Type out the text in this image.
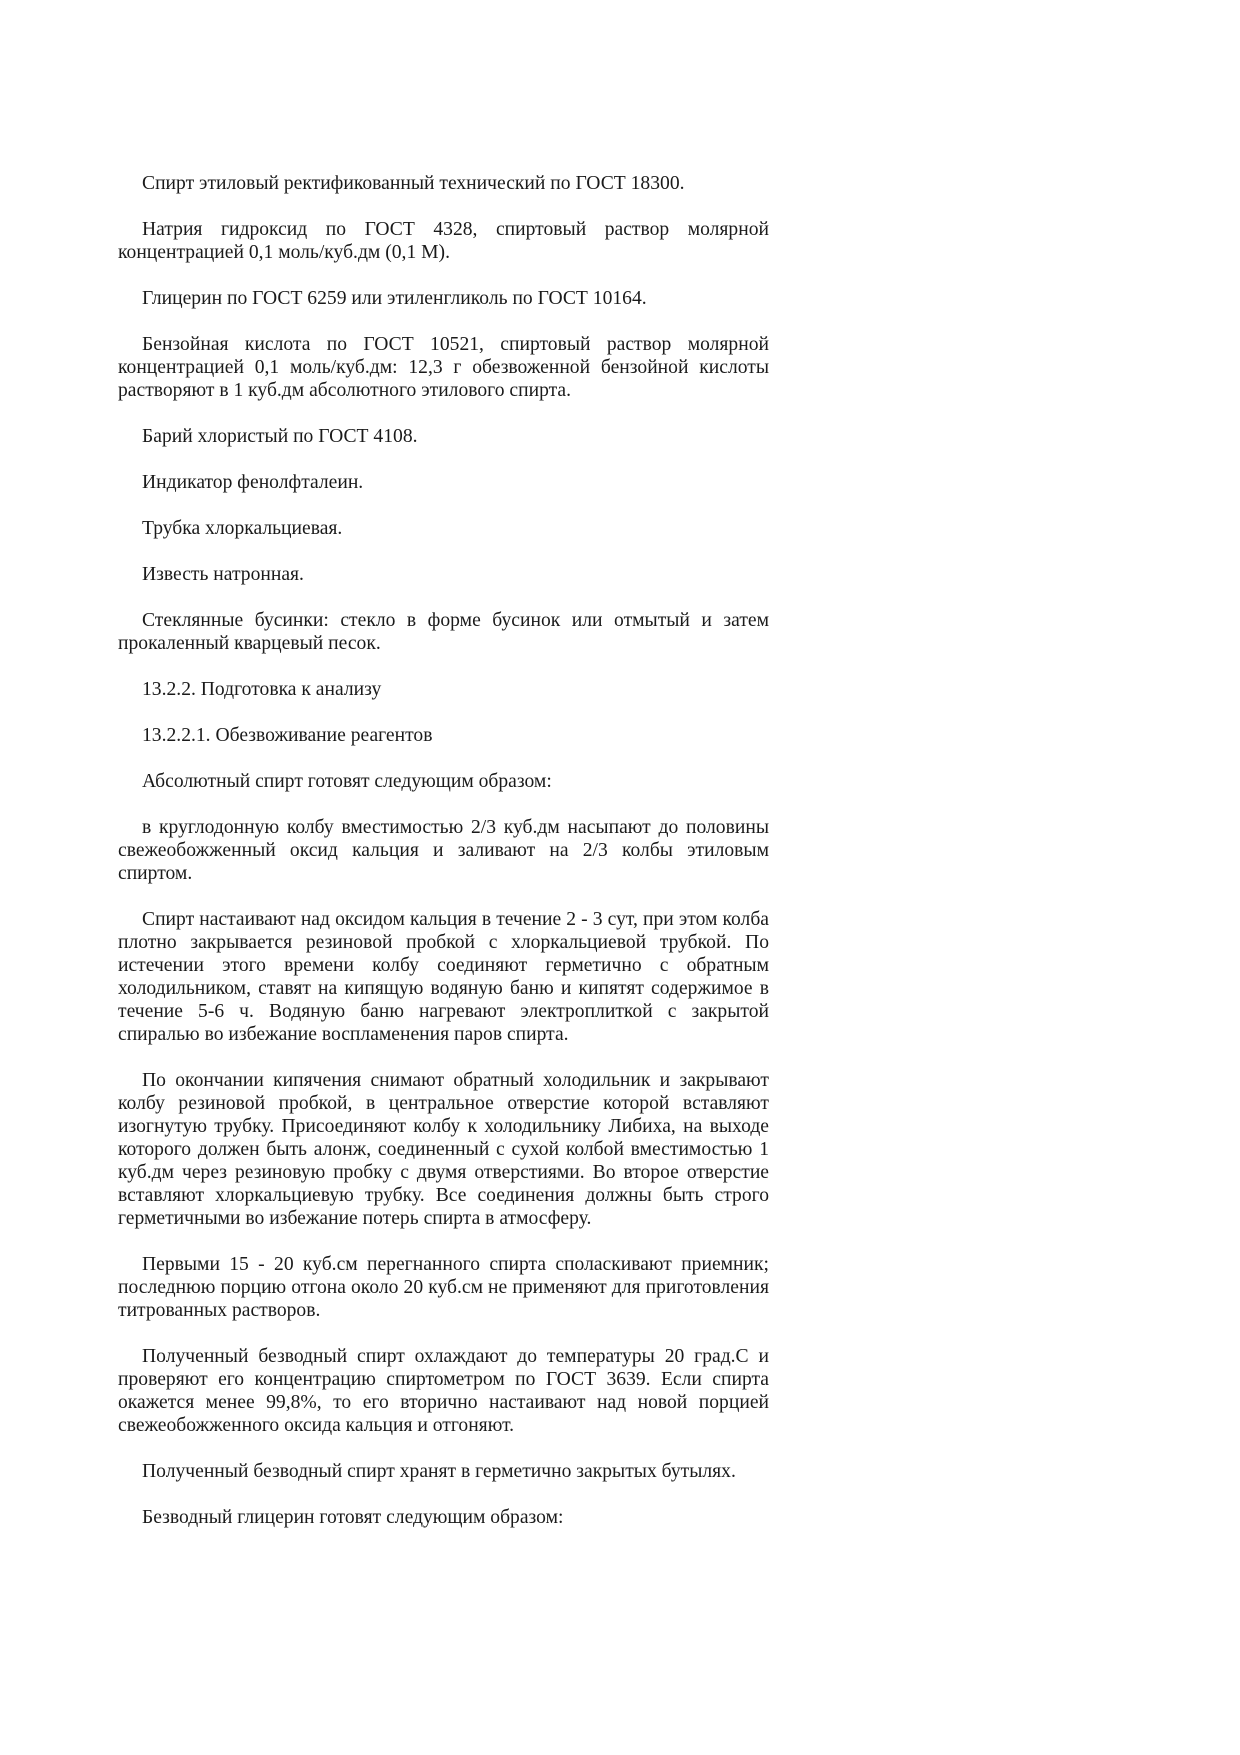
Спирт этиловый ректификованный технический по ГОСТ 18300.

Натрия гидроксид по ГОСТ 4328, спиртовый раствор молярной концентрацией 0,1 моль/куб.дм (0,1 М).

Глицерин по ГОСТ 6259 или этиленгликоль по ГОСТ 10164.

Бензойная кислота по ГОСТ 10521, спиртовый раствор молярной концентрацией 0,1 моль/куб.дм: 12,3 г обезвоженной бензойной кислоты растворяют в 1 куб.дм абсолютного этилового спирта.

Барий хлористый по ГОСТ 4108.

Индикатор фенолфталеин.

Трубка хлоркальциевая.

Известь натронная.

Стеклянные бусинки: стекло в форме бусинок или отмытый и затем прокаленный кварцевый песок.

13.2.2. Подготовка к анализу

13.2.2.1. Обезвоживание реагентов

Абсолютный спирт готовят следующим образом:

в круглодонную колбу вместимостью 2/3 куб.дм насыпают до половины свежеобожженный оксид кальция и заливают на 2/3 колбы этиловым спиртом.

Спирт настаивают над оксидом кальция в течение 2 - 3 сут, при этом колба плотно закрывается резиновой пробкой с хлоркальциевой трубкой. По истечении этого времени колбу соединяют герметично с обратным холодильником, ставят на кипящую водяную баню и кипятят содержимое в течение 5-6 ч. Водяную баню нагревают электроплиткой с закрытой спиралью во избежание воспламенения паров спирта.

По окончании кипячения снимают обратный холодильник и закрывают колбу резиновой пробкой, в центральное отверстие которой вставляют изогнутую трубку. Присоединяют колбу к холодильнику Либиха, на выходе которого должен быть алонж, соединенный с сухой колбой вместимостью 1 куб.дм через резиновую пробку с двумя отверстиями. Во второе отверстие вставляют хлоркальциевую трубку. Все соединения должны быть строго герметичными во избежание потерь спирта в атмосферу.

Первыми 15 - 20 куб.см перегнанного спирта споласкивают приемник; последнюю порцию отгона около 20 куб.см не применяют для приготовления титрованных растворов.

Полученный безводный спирт охлаждают до температуры 20 град.С и проверяют его концентрацию спиртометром по ГОСТ 3639. Если спирта окажется менее 99,8%, то его вторично настаивают над новой порцией свежеобожженного оксида кальция и отгоняют.

Полученный безводный спирт хранят в герметично закрытых бутылях.

Безводный глицерин готовят следующим образом:
